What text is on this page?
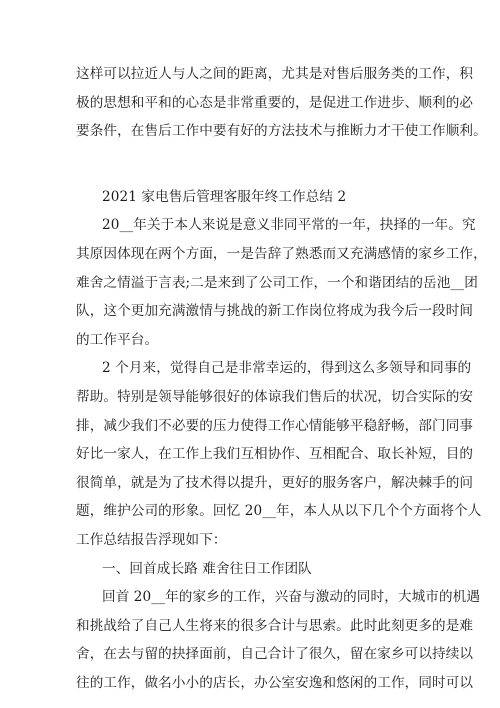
这样可以拉近人与人之间的距离，尤其是对售后服务类的工作，积
极的思想和平和的心态是非常重要的，是促进工作进步、顺利的必
要条件，在售后工作中要有好的方法技术与推断力才干使工作顺利。
2021 家电售后管理客服年终工作总结 2
20__年关于本人来说是意义非同平常的一年，抉择的一年。究
其原因体现在两个方面，一是告辞了熟悉而又充满感情的家乡工作，
难舍之情溢于言表;二是来到了公司工作，一个和谐团结的岳池__团
队，这个更加充满激情与挑战的新工作岗位将成为我今后一段时间
的工作平台。
2 个月来，觉得自己是非常幸运的，得到这么多领导和同事的
帮助。特别是领导能够很好的体谅我们售后的状况，切合实际的安
排，减少我们不必要的压力使得工作心情能够平稳舒畅，部门同事
好比一家人，在工作上我们互相协作、互相配合、取长补短，目的
很简单，就是为了技术得以提升，更好的服务客户，解决棘手的问
题，维护公司的形象。回忆 20__年，本人从以下几个个方面将个人
工作总结报告浮现如下：
一、回首成长路 难舍往日工作团队
回首 20__年的家乡的工作，兴奋与激动的同时，大城市的机遇
和挑战给了自己人生将来的很多合计与思索。此时此刻更多的是难
舍，在去与留的抉择面前，自己合计了很久，留在家乡可以持续以
往的工作，做名小小的店长，办公室安逸和悠闲的工作，同时可以
